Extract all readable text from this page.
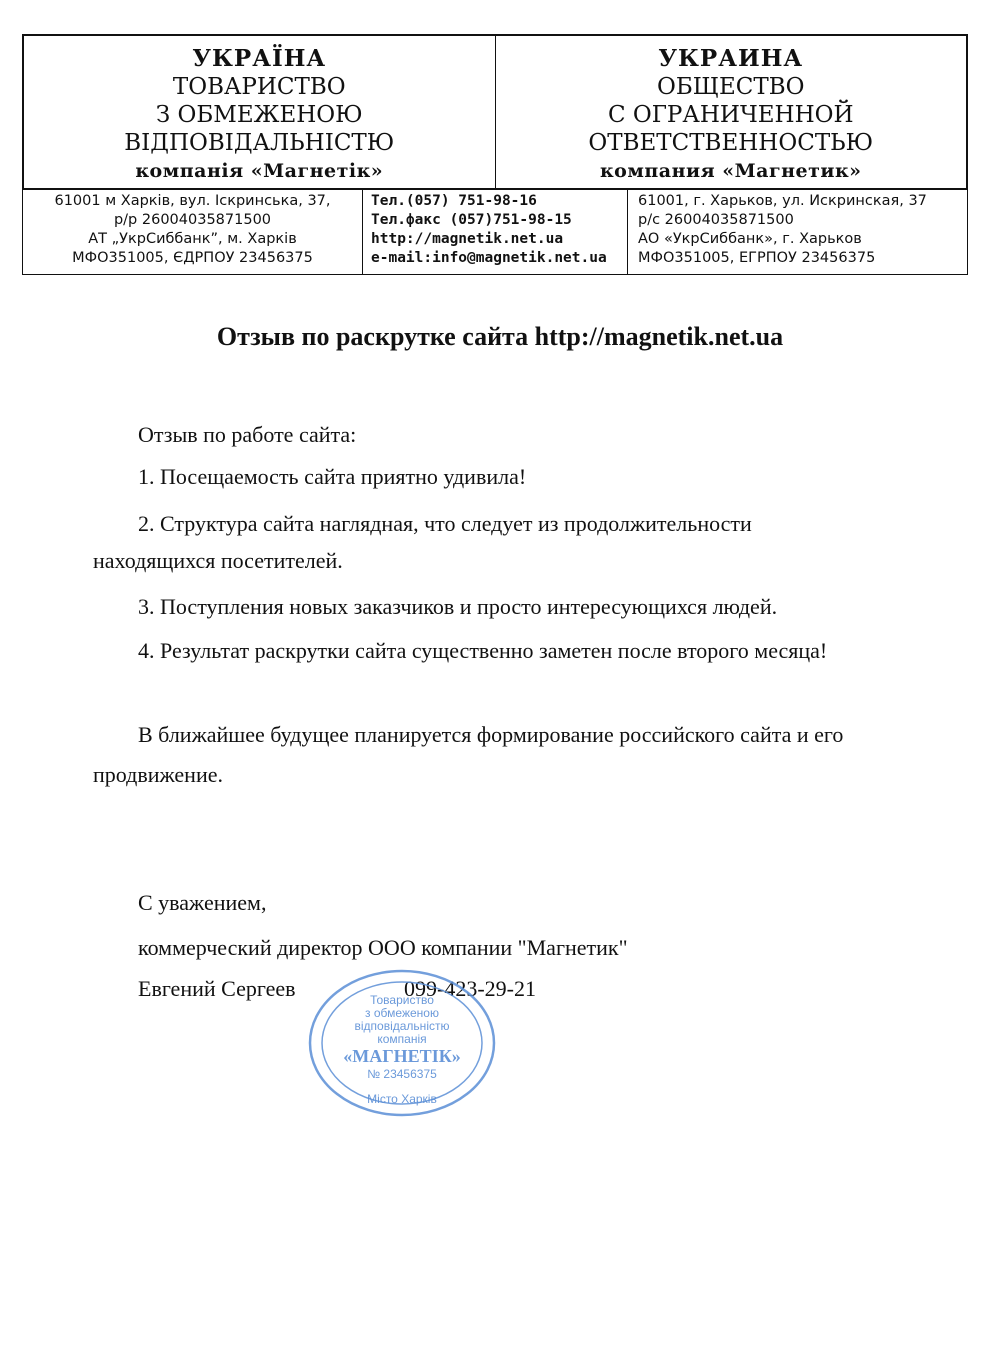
УКРАЇНА
ТОВАРИСТВО
З ОБМЕЖЕНОЮ
ВІДПОВІДАЛЬНІСТЮ
компанія «Магнетік»
УКРАИНА
ОБЩЕСТВО
С ОГРАНИЧЕННОЙ
ОТВЕТСТВЕННОСТЬЮ
компания «Магнетик»
61001 м Харків, вул. Іскринська, 37,
р/р 26004035871500
АТ „УкрСиббанк”, м. Харків
МФО351005, ЄДРПОУ 23456375
Тел.(057) 751-98-16
Тел.факс (057)751-98-15
http://magnetik.net.ua
e-mail:info@magnetik.net.ua
61001, г. Харьков, ул. Искринская, 37
р/с 26004035871500
АО «УкрСиббанк», г. Харьков
МФО351005, ЕГРПОУ 23456375
Отзыв по раскрутке сайта http://magnetik.net.ua
Отзыв по работе сайта:
1. Посещаемость сайта приятно удивила!
2. Структура сайта наглядная, что следует из продолжительности
находящихся посетителей.
3. Поступления новых заказчиков и просто интересующихся людей.
4. Результат раскрутки сайта существенно заметен после второго месяца!
В ближайшее будущее планируется формирование российского сайта и его
продвижение.
С уважением,
коммерческий директор ООО компании "Магнетик"
Евгений Сергеев	099-423-29-21
Товариство
з обмеженою
відповідальністю
компанія
«МАГНЕТІК»
№ 23456375
Місто Харків
